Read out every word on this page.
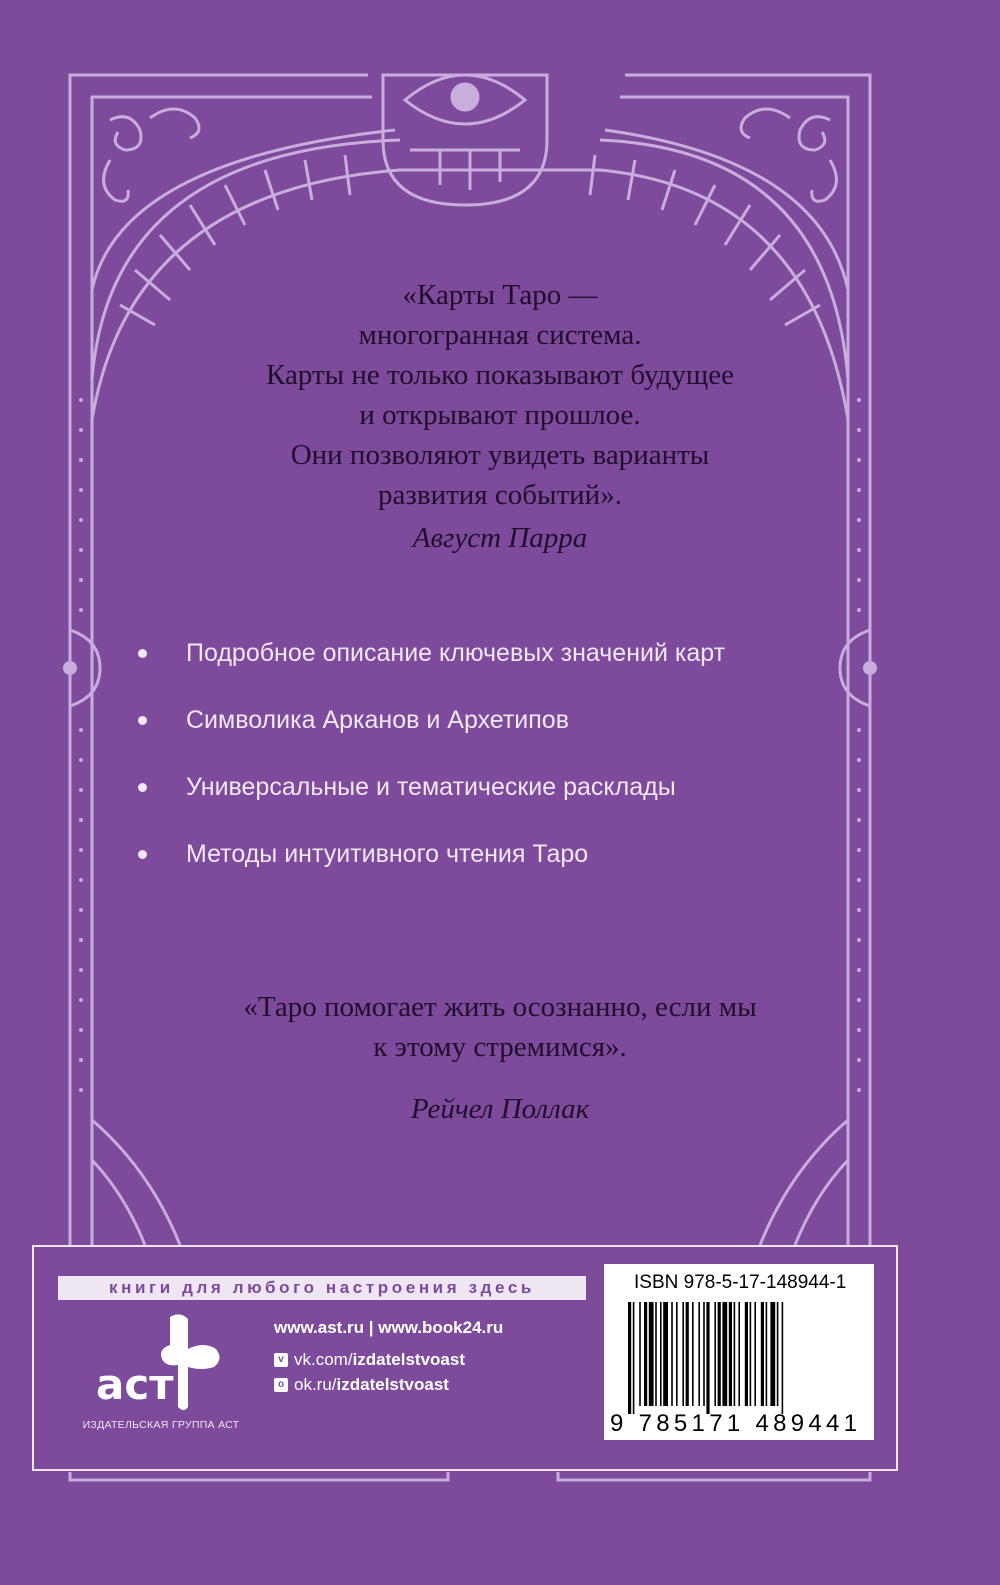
«Карты Таро —
многогранная система.
Карты не только показывают будущее
и открывают прошлое.
Они позволяют увидеть варианты
развития событий».
Август Парра
Подробное описание ключевых значений карт
Символика Арканов и Архетипов
Универсальные и тематические расклады
Методы интуитивного чтения Таро
«Таро помогает жить осознанно, если мы
к этому стремимся».
Рейчел Поллак
книги для любого настроения здесь
аст
ИЗДАТЕЛЬСКАЯ ГРУППА АСТ
www.ast.ru | www.book24.ru
v vk.com/ izdatelstvoast
o ok.ru/ izdatelstvoast
ISBN 978-5-17-148944-1
9 785171 489441
